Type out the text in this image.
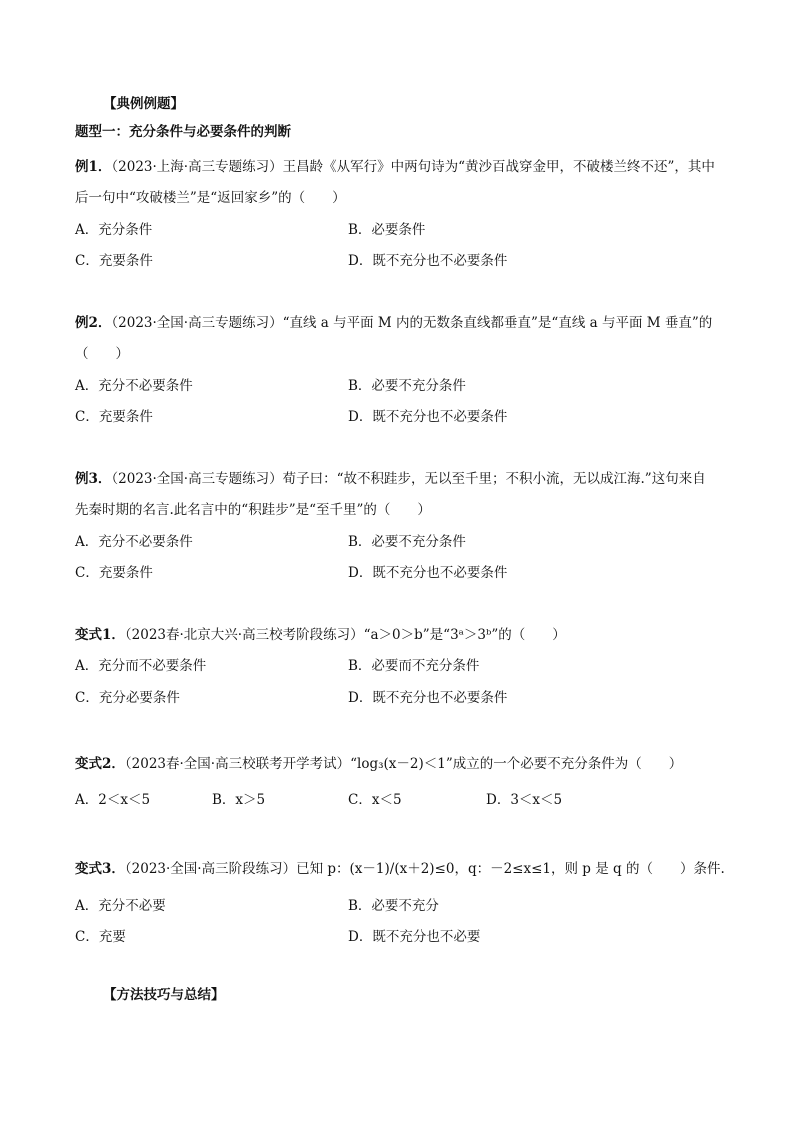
【典例例题】
题型一：充分条件与必要条件的判断
例1．（2023·上海·高三专题练习）王昌龄《从军行》中两句诗为“黄沙百战穿金甲，不破楼兰终不还”，其中
后一句中“攻破楼兰”是“返回家乡”的（　　）
A．充分条件	B．必要条件
C．充要条件	D．既不充分也不必要条件
例2．（2023·全国·高三专题练习）“直线 a 与平面 M 内的无数条直线都垂直”是“直线 a 与平面 M 垂直”的
（　　）
A．充分不必要条件	B．必要不充分条件
C．充要条件	D．既不充分也不必要条件
例3．（2023·全国·高三专题练习）荀子曰：“故不积跬步，无以至千里；不积小流，无以成江海.”这句来自
先秦时期的名言.此名言中的“积跬步”是“至千里”的（　　）
A．充分不必要条件	B．必要不充分条件
C．充要条件	D．既不充分也不必要条件
变式1．（2023春·北京大兴·高三校考阶段练习）“a＞0＞b”是“3ᵃ＞3ᵇ”的（　　）
A．充分而不必要条件	B．必要而不充分条件
C．充分必要条件	D．既不充分也不必要条件
变式2．（2023春·全国·高三校联考开学考试）“log₃(x－2)＜1”成立的一个必要不充分条件为（　　）
A．2＜x＜5	B．x＞5	C．x＜5	D．3＜x＜5
变式3．（2023·全国·高三阶段练习）已知 p：(x－1)/(x＋2)≤0，q：－2≤x≤1，则 p 是 q 的（　　）条件.
A．充分不必要	B．必要不充分
C．充要	D．既不充分也不必要
【方法技巧与总结】
